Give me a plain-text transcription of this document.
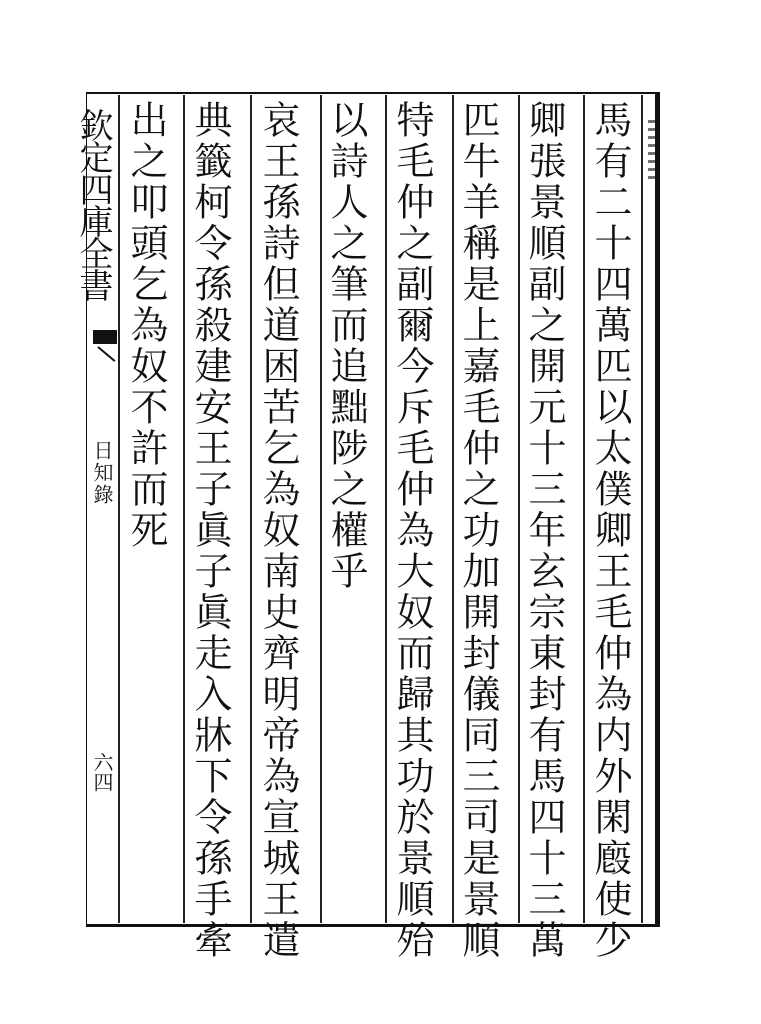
欽定四庫全書
日知錄
六四	馬有二十四萬匹以太僕卿王毛仲為内外閑廏使少
卿張景順副之開元十三年玄宗東封有馬四十三萬
匹牛羊稱是上嘉毛仲之功加開封儀同三司是景順
特毛仲之副爾今斥毛仲為大奴而歸其功於景順殆
以詩人之筆而追黜陟之權乎
哀王孫詩但道困苦乞為奴南史齊明帝為宣城王遣
典籤柯令孫殺建安王子眞子眞走入牀下令孫手牽
出之叩頭乞為奴不許而死
